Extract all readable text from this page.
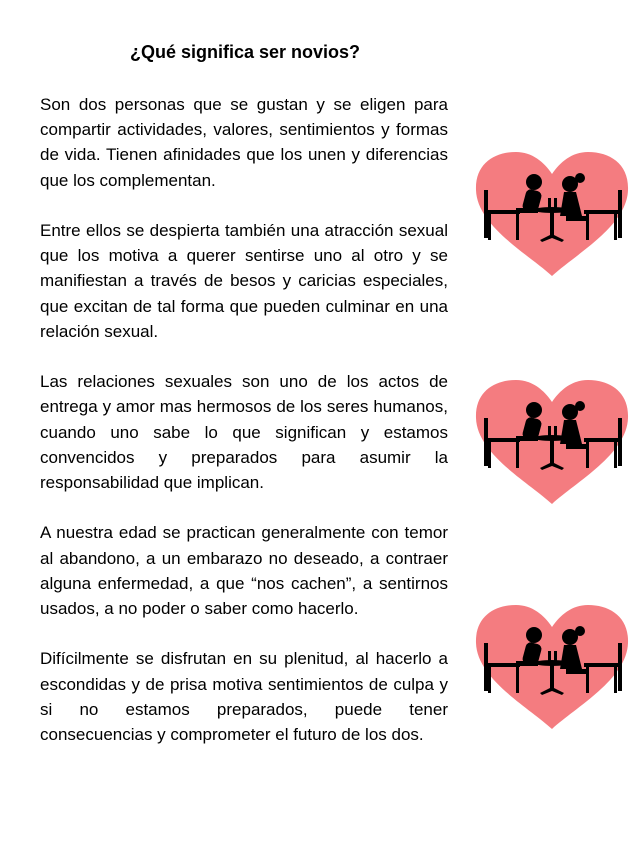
¿Qué significa ser novios?

Son dos personas que se gustan y se eligen para compartir actividades, valores, sentimientos y formas de vida. Tienen afinidades que los unen y diferencias que los complementan.

Entre ellos se despierta también una atracción sexual que los motiva a querer sentirse uno al otro y se manifiestan a través de besos y caricias especiales, que excitan de tal forma que pueden culminar en una relación sexual.

Las relaciones sexuales son uno de los actos de entrega y amor mas hermosos de los seres humanos, cuando uno sabe lo que significan y estamos convencidos y preparados para asumir la responsabilidad que implican.

A nuestra edad se practican generalmente con temor al abandono, a un embarazo no deseado, a contraer alguna enfermedad, a que “nos cachen”, a sentirnos usados, a no poder o saber como hacerlo.

Difícilmente se disfrutan en su plenitud, al hacerlo a escondidas y de prisa motiva sentimientos de culpa y si no estamos preparados, puede tener consecuencias y comprometer el futuro de los dos.
